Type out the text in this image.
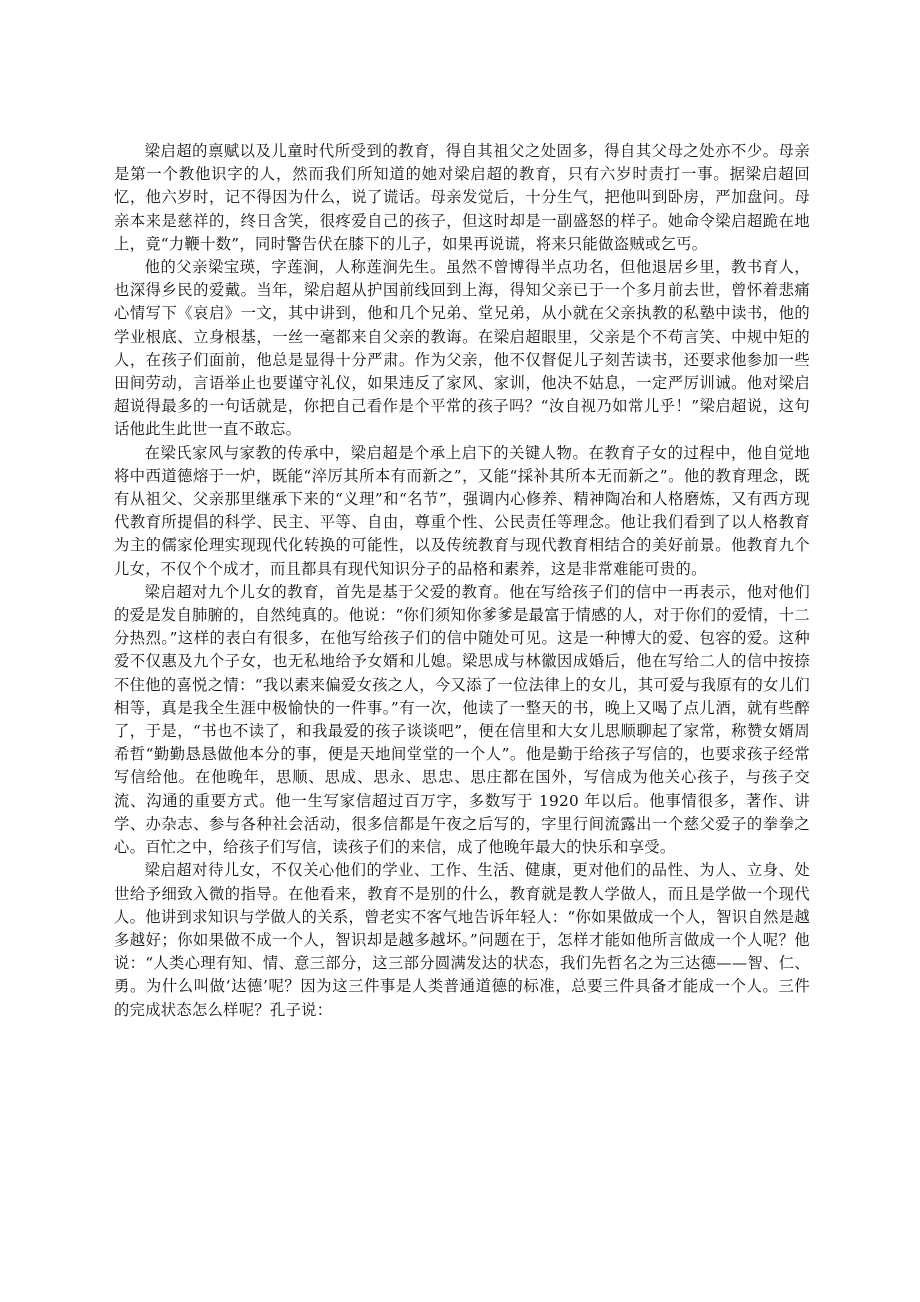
梁启超的禀赋以及儿童时代所受到的教育，得自其祖父之处固多，得自其父母之处亦不少。母亲是第一个教他识字的人，然而我们所知道的她对梁启超的教育，只有六岁时责打一事。据梁启超回忆，他六岁时，记不得因为什么，说了谎话。母亲发觉后，十分生气，把他叫到卧房，严加盘问。母亲本来是慈祥的，终日含笑，很疼爱自己的孩子，但这时却是一副盛怒的样子。她命令梁启超跪在地上，竟“力鞭十数”，同时警告伏在膝下的儿子，如果再说谎，将来只能做盗贼或乞丐。

他的父亲梁宝瑛，字莲涧，人称莲涧先生。虽然不曾博得半点功名，但他退居乡里，教书育人，也深得乡民的爱戴。当年，梁启超从护国前线回到上海，得知父亲已于一个多月前去世，曾怀着悲痛心情写下《哀启》一文，其中讲到，他和几个兄弟、堂兄弟，从小就在父亲执教的私塾中读书，他的学业根底、立身根基，一丝一毫都来自父亲的教诲。在梁启超眼里，父亲是个不苟言笑、中规中矩的人，在孩子们面前，他总是显得十分严肃。作为父亲，他不仅督促儿子刻苦读书，还要求他参加一些田间劳动，言语举止也要谨守礼仪，如果违反了家风、家训，他决不姑息，一定严厉训诫。他对梁启超说得最多的一句话就是，你把自己看作是个平常的孩子吗？“汝自视乃如常儿乎！”梁启超说，这句话他此生此世一直不敢忘。

在梁氏家风与家教的传承中，梁启超是个承上启下的关键人物。在教育子女的过程中，他自觉地将中西道德熔于一炉，既能“淬厉其所本有而新之”，又能“採补其所本无而新之”。他的教育理念，既有从祖父、父亲那里继承下来的“义理”和“名节”，强调内心修养、精神陶冶和人格磨炼，又有西方现代教育所提倡的科学、民主、平等、自由，尊重个性、公民责任等理念。他让我们看到了以人格教育为主的儒家伦理实现现代化转换的可能性，以及传统教育与现代教育相结合的美好前景。他教育九个儿女，不仅个个成才，而且都具有现代知识分子的品格和素养，这是非常难能可贵的。

梁启超对九个儿女的教育，首先是基于父爱的教育。他在写给孩子们的信中一再表示，他对他们的爱是发自肺腑的，自然纯真的。他说：“你们须知你爹爹是最富于情感的人，对于你们的爱情，十二分热烈。”这样的表白有很多，在他写给孩子们的信中随处可见。这是一种博大的爱、包容的爱。这种爱不仅惠及九个子女，也无私地给予女婿和儿媳。梁思成与林徽因成婚后，他在写给二人的信中按捺不住他的喜悦之情：“我以素来偏爱女孩之人，今又添了一位法律上的女儿，其可爱与我原有的女儿们相等，真是我全生涯中极愉快的一件事。”有一次，他读了一整天的书，晚上又喝了点儿酒，就有些醉了，于是，“书也不读了，和我最爱的孩子谈谈吧”，便在信里和大女儿思顺聊起了家常，称赞女婿周希哲“勤勤恳恳做他本分的事，便是天地间堂堂的一个人”。他是勤于给孩子写信的，也要求孩子经常写信给他。在他晚年，思顺、思成、思永、思忠、思庄都在国外，写信成为他关心孩子，与孩子交流、沟通的重要方式。他一生写家信超过百万字，多数写于 1920 年以后。他事情很多，著作、讲学、办杂志、参与各种社会活动，很多信都是午夜之后写的，字里行间流露出一个慈父爱子的拳拳之心。百忙之中，给孩子们写信，读孩子们的来信，成了他晚年最大的快乐和享受。

梁启超对待儿女，不仅关心他们的学业、工作、生活、健康，更对他们的品性、为人、立身、处世给予细致入微的指导。在他看来，教育不是别的什么，教育就是教人学做人，而且是学做一个现代人。他讲到求知识与学做人的关系，曾老实不客气地告诉年轻人：“你如果做成一个人，智识自然是越多越好；你如果做不成一个人，智识却是越多越坏。”问题在于，怎样才能如他所言做成一个人呢？他说：“人类心理有知、情、意三部分，这三部分圆满发达的状态，我们先哲名之为三达德——智、仁、勇。为什么叫做‘达德’呢？因为这三件事是人类普通道德的标准，总要三件具备才能成一个人。三件的完成状态怎么样呢？孔子说：
